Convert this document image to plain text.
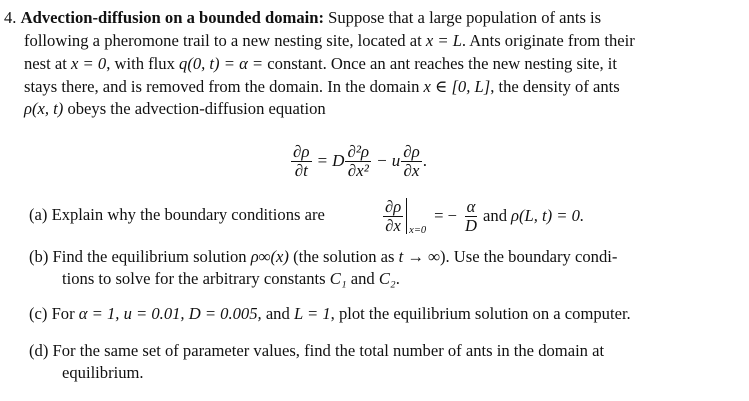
4. Advection-diffusion on a bounded domain: Suppose that a large population of ants is
following a pheromone trail to a new nesting site, located at x = L. Ants originate from their
nest at x = 0, with flux q(0, t) = α = constant. Once an ant reaches the new nesting site, it
stays there, and is removed from the domain. In the domain x ∈ [0, L], the density of ants
ρ(x, t) obeys the advection-diffusion equation
$\frac{\partial\rho}{\partial t} = D \frac{\text{∂²ρ}}{\text{∂x²}} - u \frac{\partial\rho}{\partial x}$ .
(a) Explain why the boundary conditions are	$\frac{\partial\rho}{\partial x} x=0$
= − $\frac{\alpha}{D}$ and ρ(L, t) = 0.
(b) Find the equilibrium solution ρ∞(x) (the solution as t → ∞). Use the boundary condi-
tions to solve for the arbitrary constants C₁ and C₂.
(c) For α = 1, u = 0.01, D = 0.005, and L = 1, plot the equilibrium solution on a computer.
(d) For the same set of parameter values, find the total number of ants in the domain at
equilibrium.
